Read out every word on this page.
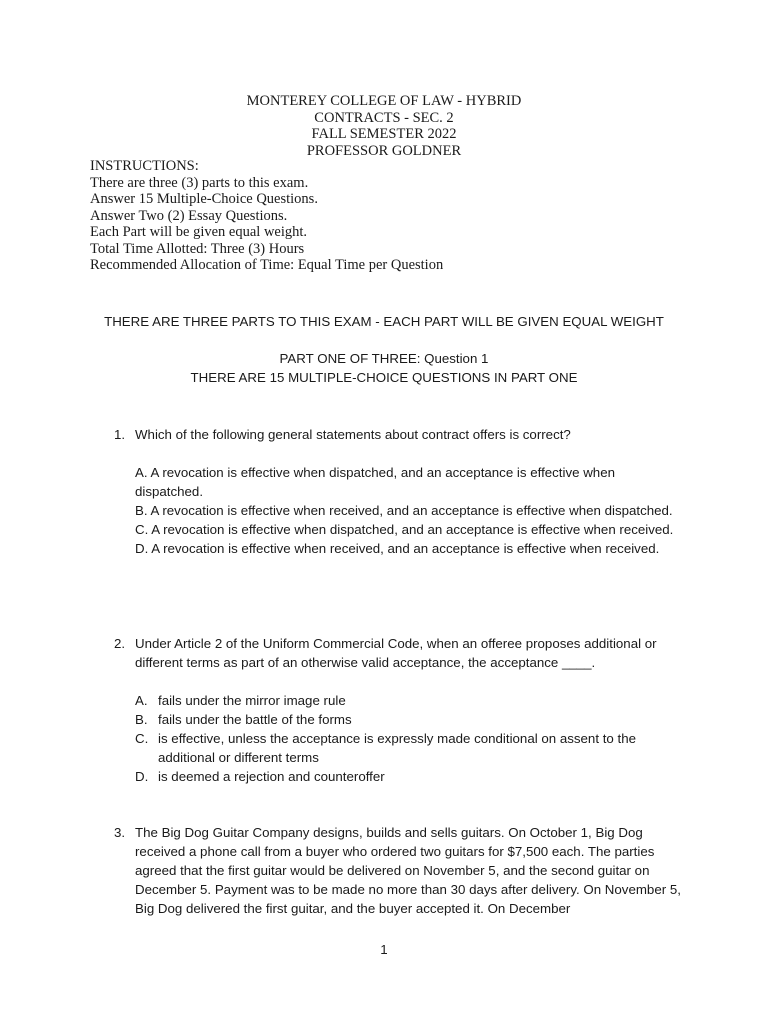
MONTEREY COLLEGE OF LAW - HYBRID
CONTRACTS - SEC. 2
FALL SEMESTER 2022
PROFESSOR GOLDNER
INSTRUCTIONS:
There are three (3) parts to this exam.
Answer 15 Multiple-Choice Questions.
Answer Two (2) Essay Questions.
Each Part will be given equal weight.
Total Time Allotted: Three (3) Hours
Recommended Allocation of Time: Equal Time per Question
THERE ARE THREE PARTS TO THIS EXAM - EACH PART WILL BE GIVEN EQUAL WEIGHT
PART ONE OF THREE: Question 1
THERE ARE 15 MULTIPLE-CHOICE QUESTIONS IN PART ONE
1. Which of the following general statements about contract offers is correct?
A. A revocation is effective when dispatched, and an acceptance is effective when dispatched.
B. A revocation is effective when received, and an acceptance is effective when dispatched.
C. A revocation is effective when dispatched, and an acceptance is effective when received.
D. A revocation is effective when received, and an acceptance is effective when received.
2. Under Article 2 of the Uniform Commercial Code, when an offeree proposes additional or different terms as part of an otherwise valid acceptance, the acceptance ____.
A. fails under the mirror image rule
B. fails under the battle of the forms
C. is effective, unless the acceptance is expressly made conditional on assent to the additional or different terms
D. is deemed a rejection and counteroffer
3. The Big Dog Guitar Company designs, builds and sells guitars. On October 1, Big Dog received a phone call from a buyer who ordered two guitars for $7,500 each. The parties agreed that the first guitar would be delivered on November 5, and the second guitar on December 5. Payment was to be made no more than 30 days after delivery. On November 5, Big Dog delivered the first guitar, and the buyer accepted it. On December
1
